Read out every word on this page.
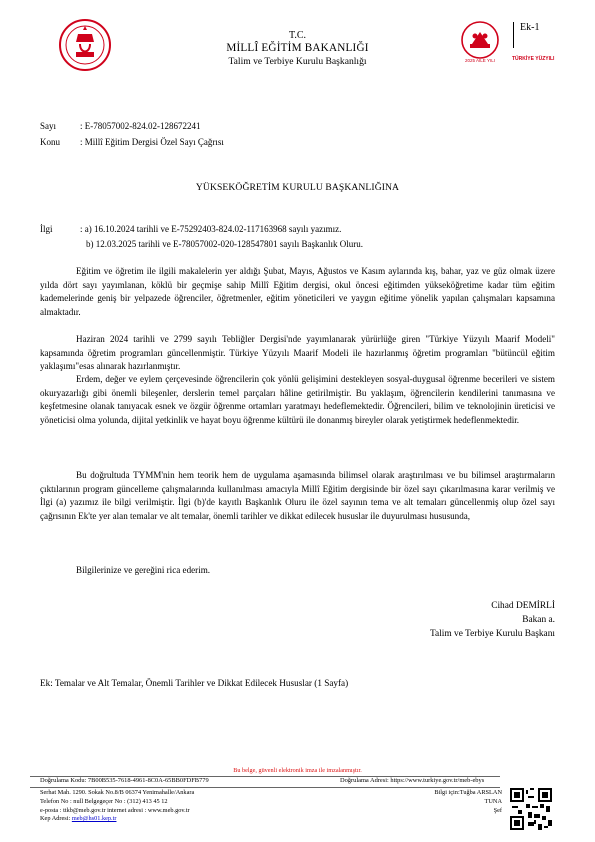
T.C.
MİLLÎ EĞİTİM BAKANLIĞI
Talim ve Terbiye Kurulu Başkanlığı	2025 AİLE YILI	TÜRKİYE YÜZYILI
Ek-1
Sayı	: E-78057002-824.02-128672241
Konu : Millî Eğitim Dergisi Özel Sayı Çağrısı
YÜKSEKÖĞRETİM KURULU BAŞKANLIĞINA
İlgi	: a) 16.10.2024 tarihli ve E-75292403-824.02-117163968 sayılı yazımız.
b) 12.03.2025 tarihli ve E-78057002-020-128547801 sayılı Başkanlık Oluru.

Eğitim ve öğretim ile ilgili makalelerin yer aldığı Şubat, Mayıs, Ağustos ve Kasım aylarında kış, bahar, yaz ve güz olmak üzere yılda dört sayı yayımlanan, köklü bir geçmişe sahip Millî Eğitim dergisi, okul öncesi eğitimden yükseköğretime kadar tüm eğitim kademelerinde geniş bir yelpazede öğrenciler, öğretmenler, eğitim yöneticileri ve yaygın eğitime yönelik yapılan çalışmaları kapsamına almaktadır.

Haziran 2024 tarihli ve 2799 sayılı Tebliğler Dergisi'nde yayımlanarak yürürlüğe giren "Türkiye Yüzyılı Maarif Modeli" kapsamında öğretim programları güncellenmiştir. Türkiye Yüzyılı Maarif Modeli ile hazırlanmış öğretim programları "bütüncül eğitim yaklaşımı"esas alınarak hazırlanmıştır.

Erdem, değer ve eylem çerçevesinde öğrencilerin çok yönlü gelişimini destekleyen sosyal-duygusal öğrenme becerileri ve sistem okuryazarlığı gibi önemli bileşenler, derslerin temel parçaları hâline getirilmiştir. Bu yaklaşım, öğrencilerin kendilerini tanımasına ve keşfetmesine olanak tanıyacak esnek ve özgür öğrenme ortamları yaratmayı hedeflemektedir. Öğrencileri, bilim ve teknolojinin üreticisi ve yöneticisi olma yolunda, dijital yetkinlik ve hayat boyu öğrenme kültürü ile donanmış bireyler olarak yetiştirmek hedeflenmektedir.

Bu doğrultuda TYMM'nin hem teorik hem de uygulama aşamasında bilimsel olarak araştırılması ve bu bilimsel araştırmaların çıktılarının program güncelleme çalışmalarında kullanılması amacıyla Millî Eğitim dergisinde bir özel sayı çıkarılmasına karar verilmiş ve İlgi (a) yazımız ile bilgi verilmiştir. İlgi (b)'de kayıtlı Başkanlık Oluru ile özel sayının tema ve alt temaları güncellenmiş olup özel sayı çağrısının Ek'te yer alan temalar ve alt temalar, önemli tarihler ve dikkat edilecek hususlar ile duyurulması hususunda,

Bilgilerinize ve gereğini rica ederim.

Cihad DEMİRLİ
Bakan a.
Talim ve Terbiye Kurulu Başkanı
Ek: Temalar ve Alt Temalar, Önemli Tarihler ve Dikkat Edilecek Hususlar (1 Sayfa)
Bu belge, güvenli elektronik imza ile imzalanmıştır.
Doğrulama Kodu: 7B00B535-7618-4961-8C0A-65BB0FDFB779	Doğrulama Adresi: https://www.turkiye.gov.tr/meb-ebys
Serhat Mah. 1290. Sokak No.8/B 06374 Yenimahalle/Ankara
Telefon No : null Belgegeçer No : (312) 413 45 12
e-posta : ttkb@meb.gov.tr internet adresi : www.meb.gov.tr
Kep Adresi: meb@hs01.kep.tr
Bilgi için:Tuğba ARSLAN
TUNA
Şef
